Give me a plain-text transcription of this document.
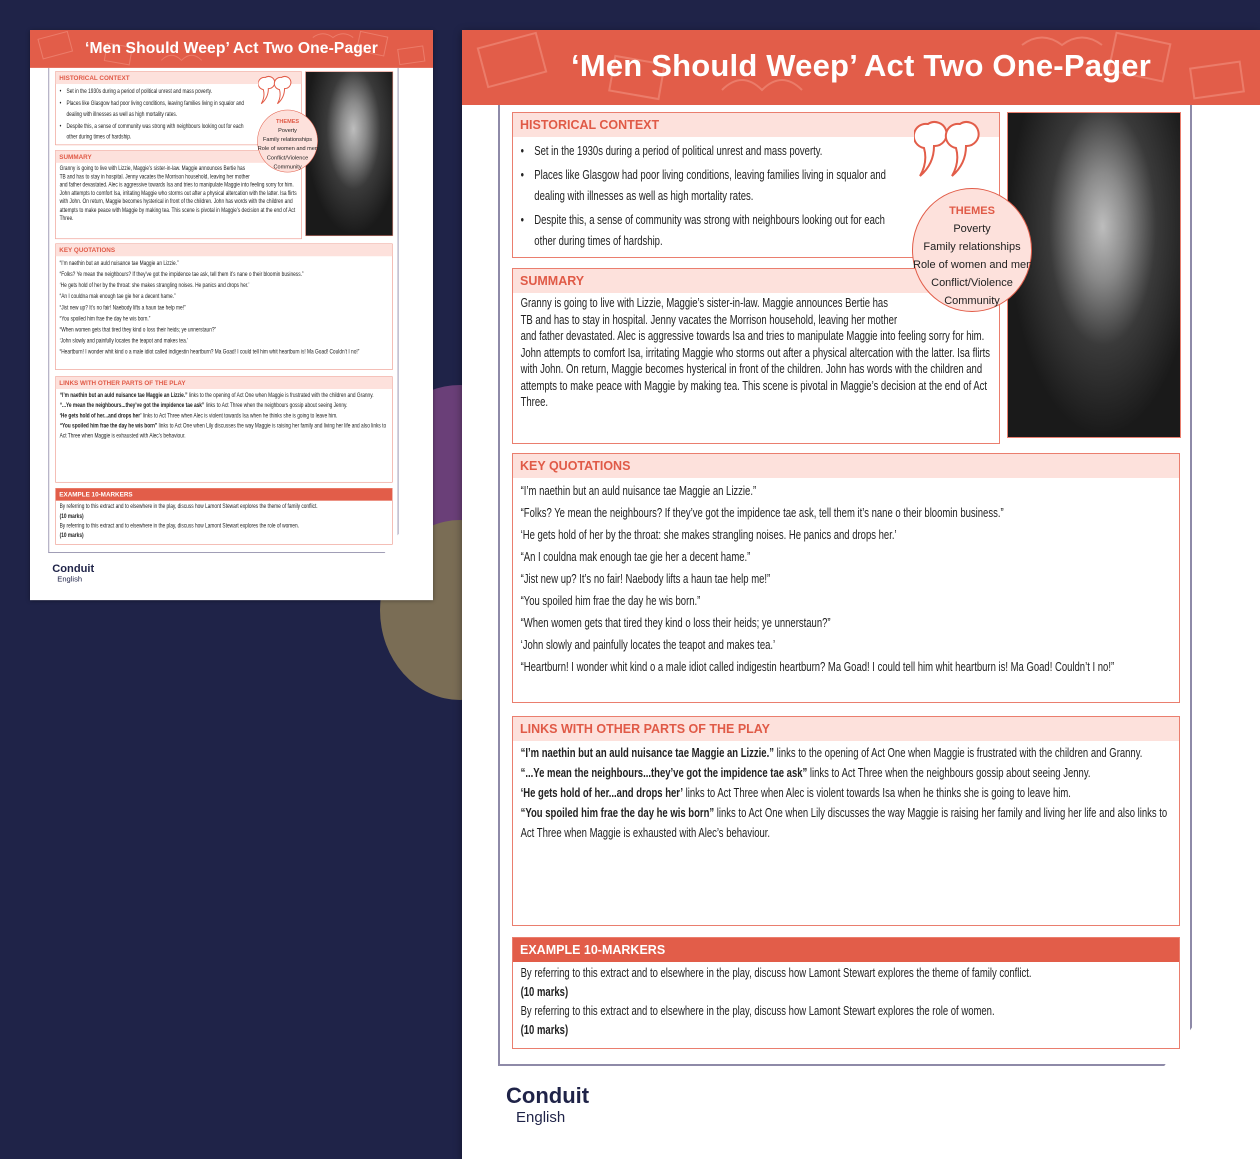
‘Men Should Weep’ Act Two One-Pager
HISTORICAL CONTEXT
• Set in the 1930s during a period of political unrest and mass poverty.
• Places like Glasgow had poor living conditions, leaving families living in squalor and dealing with illnesses as well as high mortality rates.
• Despite this, a sense of community was strong with neighbours looking out for each other during times of hardship.
SUMMARY

Granny is going to live with Lizzie, Maggie’s sister-in-law. Maggie announces Bertie has TB and has to stay in hospital. Jenny vacates the Morrison household, leaving her mother and father devastated. Alec is aggressive towards Isa and tries to manipulate Maggie into feeling sorry for him. John attempts to comfort Isa, irritating Maggie who storms out after a physical altercation with the latter. Isa flirts with John. On return, Maggie becomes hysterical in front of the children. John has words with the children and attempts to make peace with Maggie by making tea. This scene is pivotal in Maggie’s decision at the end of Act Three.

THEMES
Poverty
Family relationships
Role of women and men
Conflict/Violence
Community
KEY QUOTATIONS

“I’m naethin but an auld nuisance tae Maggie an Lizzie.”

“Folks? Ye mean the neighbours? If they’ve got the impidence tae ask, tell them it’s nane o their bloomin business.”

‘He gets hold of her by the throat: she makes strangling noises. He panics and drops her.’

“An I couldna mak enough tae gie her a decent hame.”

“Jist new up? It’s no fair! Naebody lifts a haun tae help me!”

“You spoiled him frae the day he wis born.”

“When women gets that tired they kind o loss their heids; ye unnerstaun?”

‘John slowly and painfully locates the teapot and makes tea.’

“Heartburn! I wonder whit kind o a male idiot called indigestin heartburn? Ma Goad! I could tell him whit heartburn is! Ma Goad! Couldn’t I no!”

LINKS WITH OTHER PARTS OF THE PLAY

“I’m naethin but an auld nuisance tae Maggie an Lizzie.” links to the opening of Act One when Maggie is frustrated with the children and Granny.

“...Ye mean the neighbours...they’ve got the impidence tae ask” links to Act Three when the neighbours gossip about seeing Jenny.

‘He gets hold of her...and drops her’ links to Act Three when Alec is violent towards Isa when he thinks she is going to leave him.

“You spoiled him frae the day he wis born” links to Act One when Lily discusses the way Maggie is raising her family and living her life and also links to Act Three when Maggie is exhausted with Alec’s behaviour.

EXAMPLE 10-MARKERS

By referring to this extract and to elsewhere in the play, discuss how Lamont Stewart explores the theme of family conflict.
(10 marks)

By referring to this extract and to elsewhere in the play, discuss how Lamont Stewart explores the role of women.
(10 marks)

Conduit
English
‘Men Should Weep’ Act Two One-Pager
HISTORICAL CONTEXT
• Set in the 1930s during a period of political unrest and mass poverty.
• Places like Glasgow had poor living conditions, leaving families living in squalor and dealing with illnesses as well as high mortality rates.
• Despite this, a sense of community was strong with neighbours looking out for each other during times of hardship.
SUMMARY

Granny is going to live with Lizzie, Maggie’s sister-in-law. Maggie announces Bertie has TB and has to stay in hospital. Jenny vacates the Morrison household, leaving her mother and father devastated. Alec is aggressive towards Isa and tries to manipulate Maggie into feeling sorry for him. John attempts to comfort Isa, irritating Maggie who storms out after a physical altercation with the latter. Isa flirts with John. On return, Maggie becomes hysterical in front of the children. John has words with the children and attempts to make peace with Maggie by making tea. This scene is pivotal in Maggie’s decision at the end of Act Three.

THEMES
Poverty
Family relationships
Role of women and men
Conflict/Violence
Community
KEY QUOTATIONS

“I’m naethin but an auld nuisance tae Maggie an Lizzie.”

“Folks? Ye mean the neighbours? If they’ve got the impidence tae ask, tell them it’s nane o their bloomin business.”

‘He gets hold of her by the throat: she makes strangling noises. He panics and drops her.’

“An I couldna mak enough tae gie her a decent hame.”

“Jist new up? It’s no fair! Naebody lifts a haun tae help me!”

“You spoiled him frae the day he wis born.”

“When women gets that tired they kind o loss their heids; ye unnerstaun?”

‘John slowly and painfully locates the teapot and makes tea.’

“Heartburn! I wonder whit kind o a male idiot called indigestin heartburn? Ma Goad! I could tell him whit heartburn is! Ma Goad! Couldn’t I no!”

LINKS WITH OTHER PARTS OF THE PLAY

“I’m naethin but an auld nuisance tae Maggie an Lizzie.” links to the opening of Act One when Maggie is frustrated with the children and Granny.

“...Ye mean the neighbours...they’ve got the impidence tae ask” links to Act Three when the neighbours gossip about seeing Jenny.

‘He gets hold of her...and drops her’ links to Act Three when Alec is violent towards Isa when he thinks she is going to leave him.

“You spoiled him frae the day he wis born” links to Act One when Lily discusses the way Maggie is raising her family and living her life and also links to Act Three when Maggie is exhausted with Alec’s behaviour.

EXAMPLE 10-MARKERS

By referring to this extract and to elsewhere in the play, discuss how Lamont Stewart explores the theme of family conflict.
(10 marks)

By referring to this extract and to elsewhere in the play, discuss how Lamont Stewart explores the role of women.
(10 marks)

Conduit
English
